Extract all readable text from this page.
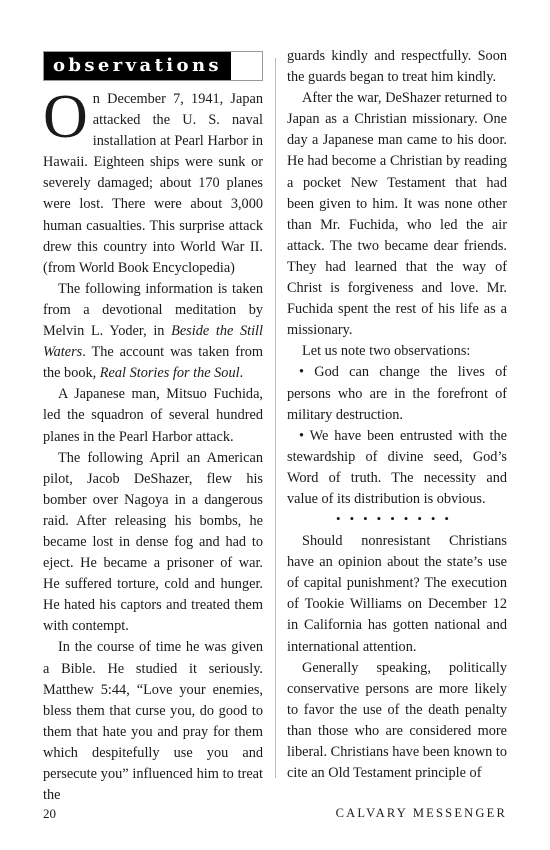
observations

On December 7, 1941, Japan attacked the U. S. naval installation at Pearl Harbor in Hawaii. Eighteen ships were sunk or severely damaged; about 170 planes were lost. There were about 3,000 human casualties. This surprise attack drew this country into World War II. (from World Book Encyclopedia)

The following information is taken from a devotional meditation by Melvin L. Yoder, in Beside the Still Waters. The account was taken from the book, Real Stories for the Soul.

A Japanese man, Mitsuo Fuchida, led the squadron of several hundred planes in the Pearl Harbor attack.

The following April an American pilot, Jacob DeShazer, flew his bomber over Nagoya in a dangerous raid. After releasing his bombs, he became lost in dense fog and had to eject. He became a prisoner of war. He suffered torture, cold and hunger. He hated his captors and treated them with contempt.

In the course of time he was given a Bible. He studied it seriously. Matthew 5:44, “Love your enemies, bless them that curse you, do good to them that hate you and pray for them which despitefully use you and persecute you” influenced him to treat the

guards kindly and respectfully. Soon the guards began to treat him kindly.

After the war, DeShazer returned to Japan as a Christian missionary. One day a Japanese man came to his door. He had become a Christian by reading a pocket New Testament that had been given to him. It was none other than Mr. Fuchida, who led the air attack. The two became dear friends. They had learned that the way of Christ is forgiveness and love. Mr. Fuchida spent the rest of his life as a missionary.

Let us note two observations:

• God can change the lives of persons who are in the forefront of military destruction.

• We have been entrusted with the stewardship of divine seed, God’s Word of truth. The necessity and value of its distribution is obvious.

•••••••••

Should nonresistant Christians have an opinion about the state’s use of capital punishment? The execution of Tookie Williams on December 12 in California has gotten national and international attention.

Generally speaking, politically conservative persons are more likely to favor the use of the death penalty than those who are considered more liberal. Christians have been known to cite an Old Testament principle of

20	CALVARY MESSENGER
